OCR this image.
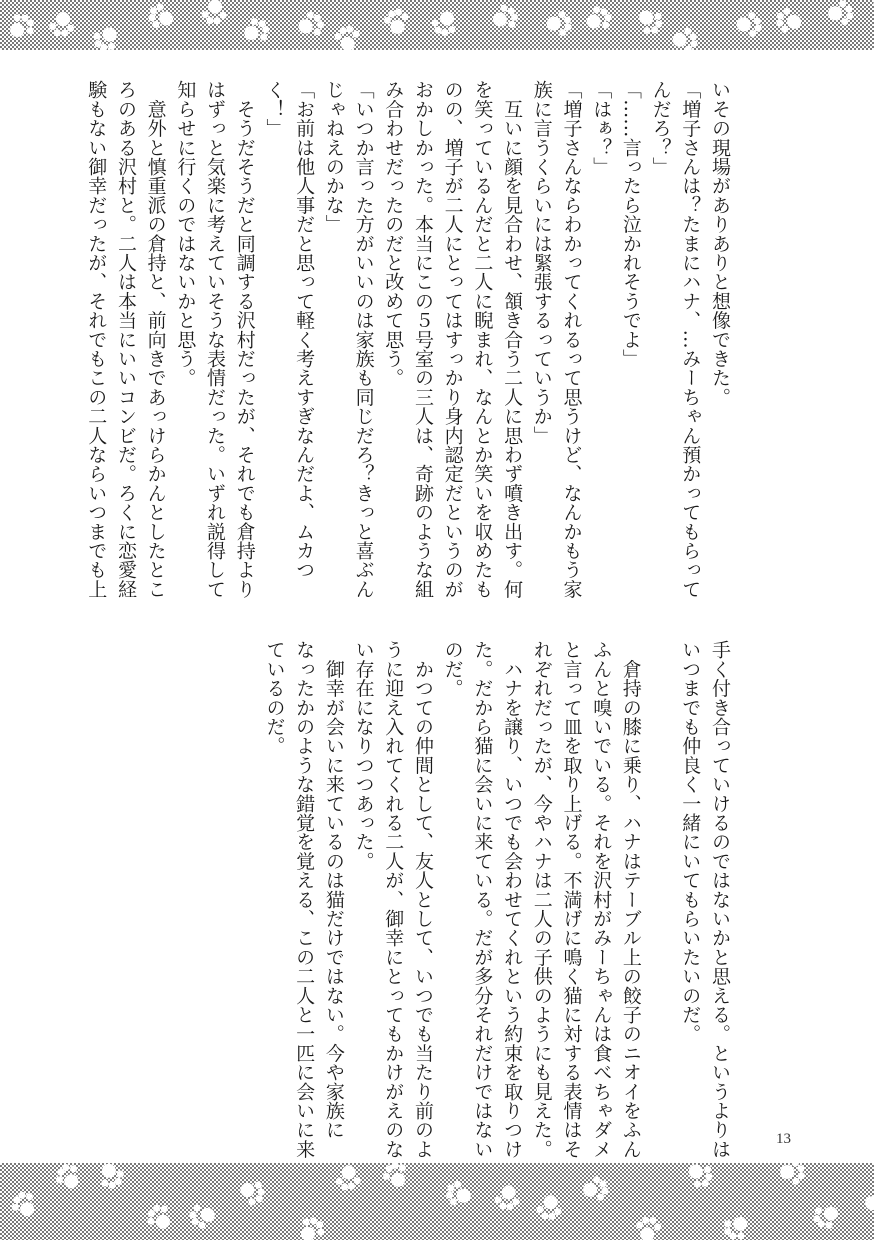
いその現場がありありと想像できた。
「増子さんは？たまにハナ、…みーちゃん預かってもらって
んだろ？」
「……言ったら泣かれそうでよ」
「はぁ？」
「増子さんならわかってくれるって思うけど、なんかもう家
族に言うくらいには緊張するっていうか」
　互いに顔を見合わせ、頷き合う二人に思わず噴き出す。何
を笑っているんだと二人に睨まれ、なんとか笑いを収めたも
のの、増子が二人にとってはすっかり身内認定だというのが
おかしかった。本当にこの５号室の三人は、奇跡のような組
み合わせだったのだと改めて思う。
「いつか言った方がいいのは家族も同じだろ？きっと喜ぶん
じゃねえのかな」
「お前は他人事だと思って軽く考えすぎなんだよ、ムカつ
く！」
　そうだそうだと同調する沢村だったが、それでも倉持より
はずっと気楽に考えていそうな表情だった。いずれ説得して
知らせに行くのではないかと思う。
　意外と慎重派の倉持と、前向きであっけらかんとしたとこ
ろのある沢村と。二人は本当にいいコンビだ。ろくに恋愛経
験もない御幸だったが、それでもこの二人ならいつまでも上
手く付き合っていけるのではないかと思える。というよりは
いつまでも仲良く一緒にいてもらいたいのだ。

　倉持の膝に乗り、ハナはテーブル上の餃子のニオイをふん
ふんと嗅いでいる。それを沢村がみーちゃんは食べちゃダメ
と言って皿を取り上げる。不満げに鳴く猫に対する表情はそ
れぞれだったが、今やハナは二人の子供のようにも見えた。
　ハナを譲り、いつでも会わせてくれという約束を取りつけ
た。だから猫に会いに来ている。だが多分それだけではない
のだ。
　かつての仲間として、友人として、いつでも当たり前のよ
うに迎え入れてくれる二人が、御幸にとってもかけがえのな
い存在になりつつあった。
　御幸が会いに来ているのは猫だけではない。今や家族に
なったかのような錯覚を覚える、この二人と一匹に会いに来
ているのだ。
13
